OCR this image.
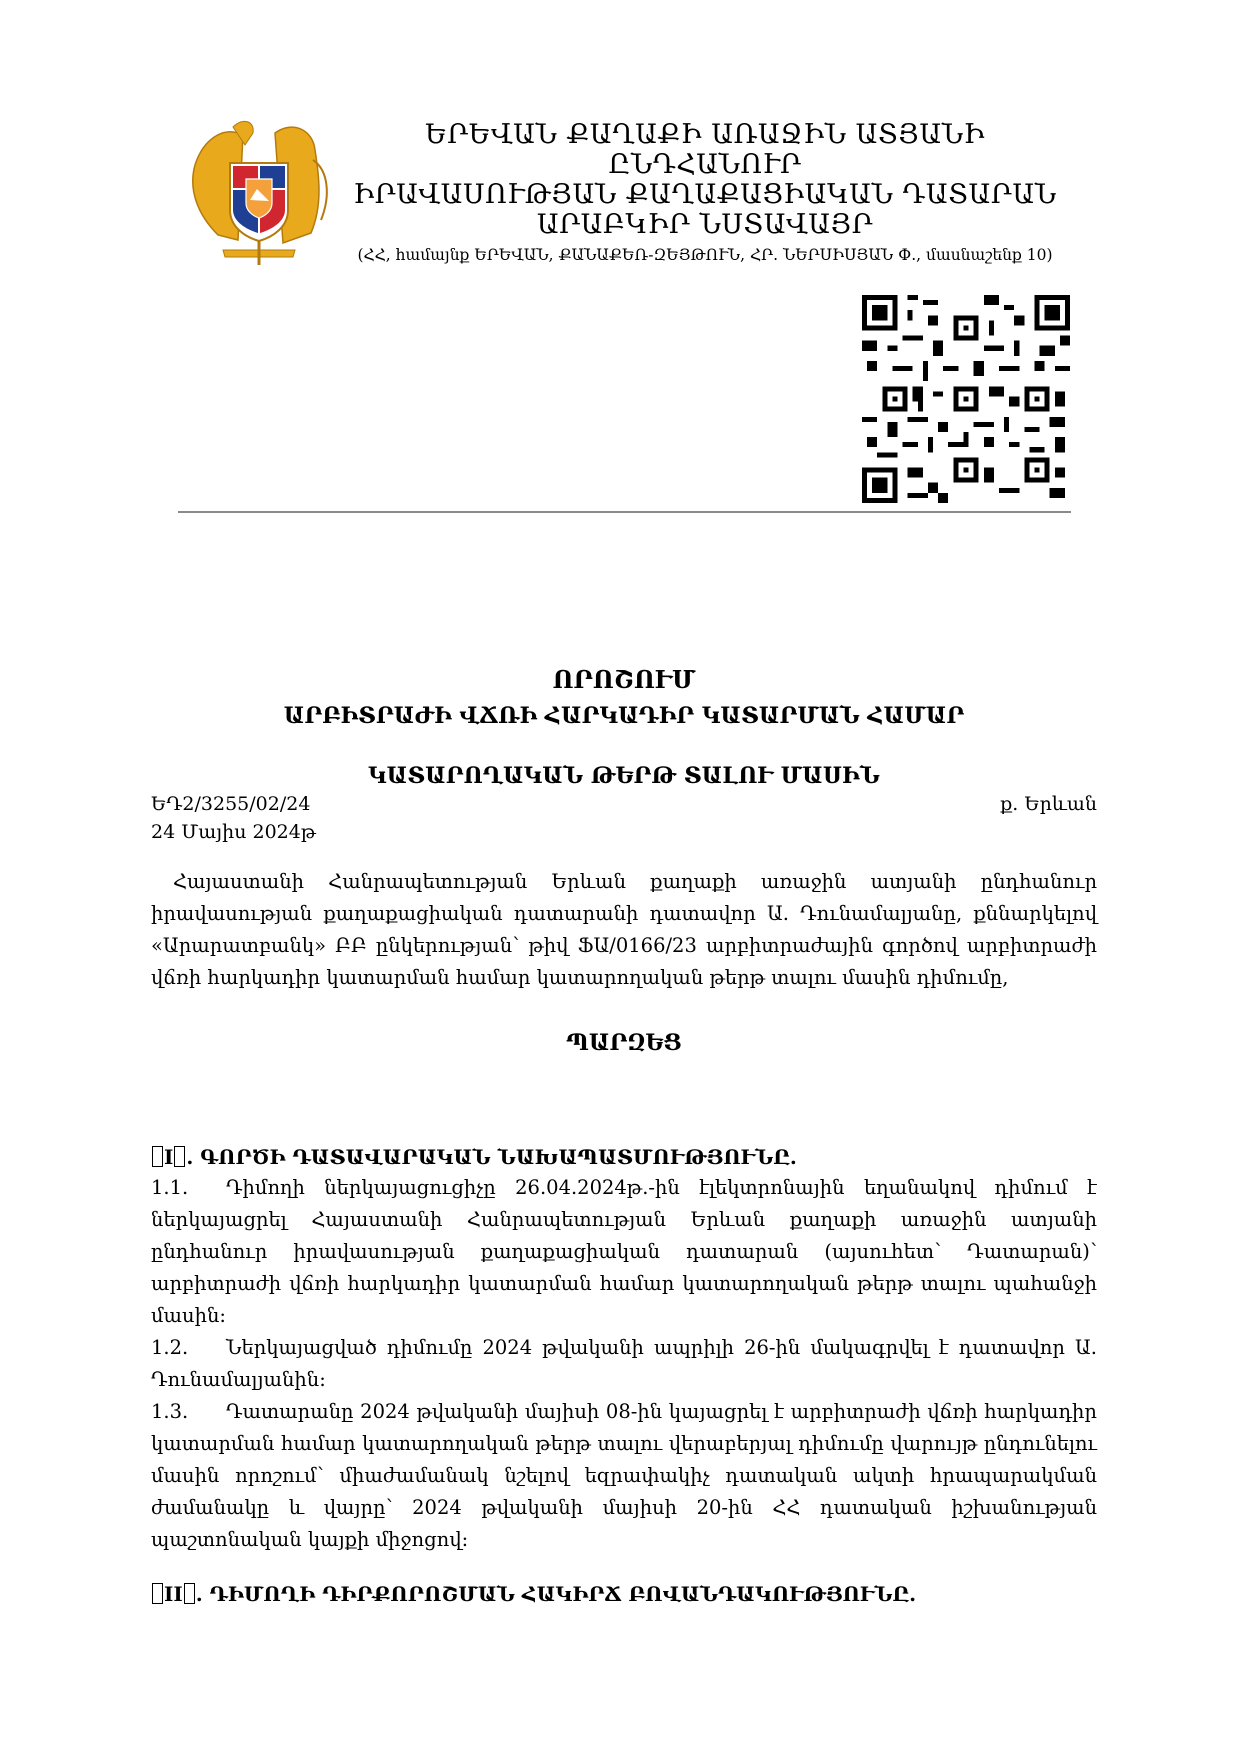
ԵՐԵՎԱՆ ՔԱՂԱՔԻ ԱՌԱՋԻՆ ԱՏՅԱՆԻ ԸՆԴՀԱՆՈՒՐ
ԻՐԱՎԱՍՈՒԹՅԱՆ ՔԱՂԱՔԱՑԻԱԿԱՆ ԴԱՏԱՐԱՆ
ԱՐԱԲԿԻՐ ՆՍՏԱՎԱՅՐ
(ՀՀ, համայնք ԵՐԵՎԱՆ, ՔԱՆԱՔԵՌ-ԶԵՅԹՈՒՆ, ՀՐ. ՆԵՐՍԻՍՅԱՆ Փ., մասնաշենք 10)
ՈՐՈՇՈՒՄ
ԱՐԲԻՏՐԱԺԻ ՎՃՌԻ ՀԱՐԿԱԴԻՐ ԿԱՏԱՐՄԱՆ ՀԱՄԱՐ
ԿԱՏԱՐՈՂԱԿԱՆ ԹԵՐԹ ՏԱԼՈՒ ՄԱՍԻՆ
ԵԴ2/3255/02/24	ք. Երևան
24 Մայիս 2024թ
Հայաստանի Հանրապետության Երևան քաղաքի առաջին ատյանի ընդհանուր իրավասության քաղաքացիական դատարանի դատավոր Ա. Դունամալյանը, քննարկելով «Արարատբանկ» ԲԲ ընկերության՝ թիվ ՖԱ/0166/23 արբիտրաժային գործով արբիտրաժի վճռի հարկադիր կատարման համար կատարողական թերթ տալու մասին դիմումը,
ՊԱՐԶԵՑ
I . ԳՈՐԾԻ ԴԱՏԱՎԱՐԱԿԱՆ ՆԱԽԱՊԱՏՄՈՒԹՅՈՒՆԸ.
1.1. Դիմողի ներկայացուցիչը 26.04.2024թ.-ին էլեկտրոնային եղանակով դիմում է ներկայացրել Հայաստանի Հանրապետության Երևան քաղաքի առաջին ատյանի ընդհանուր իրավասության քաղաքացիական դատարան (այսուհետ՝ Դատարան)՝ արբիտրաժի վճռի հարկադիր կատարման համար կատարողական թերթ տալու պահանջի մասին:
1.2. Ներկայացված դիմումը 2024 թվականի ապրիլի 26-ին մակագրվել է դատավոր Ա. Դունամալյանին:
1.3. Դատարանը 2024 թվականի մայիսի 08-ին կայացրել է արբիտրաժի վճռի հարկադիր կատարման համար կատարողական թերթ տալու վերաբերյալ դիմումը վարույթ ընդունելու մասին որոշում՝ միաժամանակ նշելով եզրափակիչ դատական ակտի հրապարակման ժամանակը և վայրը՝ 2024 թվականի մայիսի 20-ին ՀՀ դատական իշխանության պաշտոնական կայքի միջոցով:
II . ԴԻՄՈՂԻ ԴԻՐՔՈՐՈՇՄԱՆ ՀԱԿԻՐՃ ԲՈՎԱՆԴԱԿՈՒԹՅՈՒՆԸ.
